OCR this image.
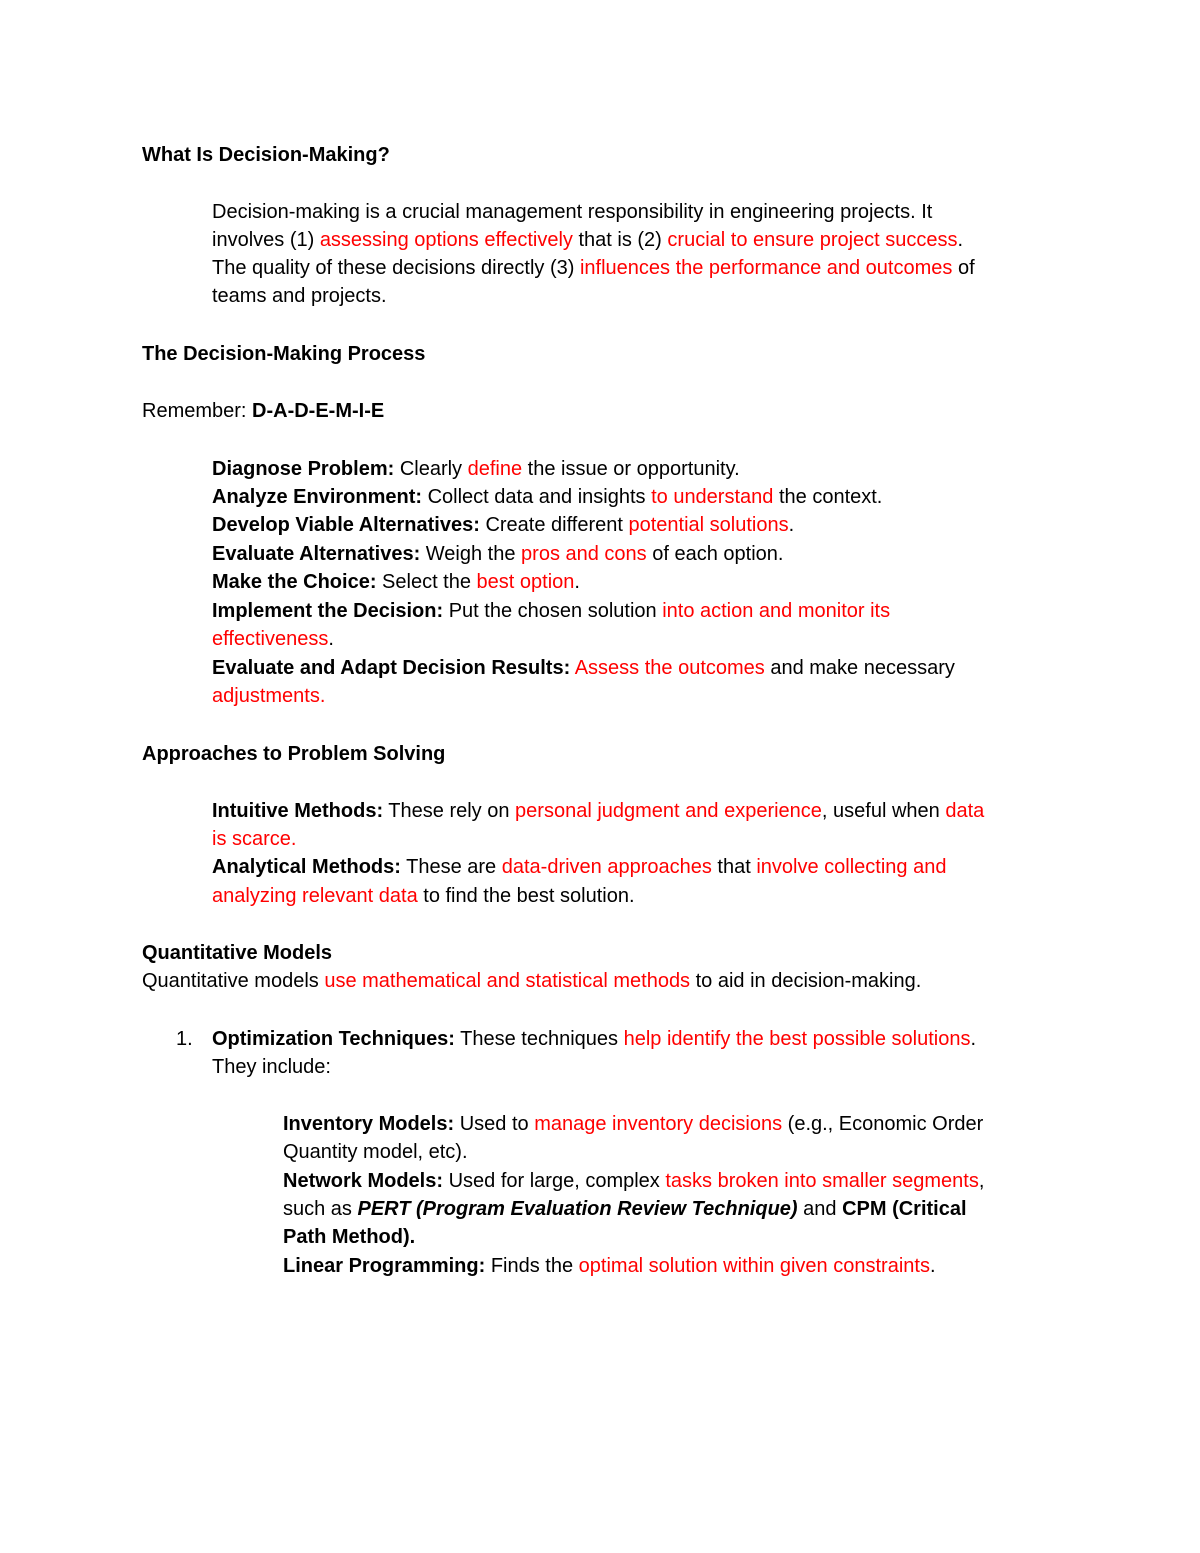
What Is Decision-Making?
Decision-making is a crucial management responsibility in engineering projects. It
involves (1) assessing options effectively that is (2) crucial to ensure project success.
The quality of these decisions directly (3) influences the performance and outcomes of
teams and projects.
The Decision-Making Process
Remember: D-A-D-E-M-I-E
Diagnose Problem: Clearly define the issue or opportunity.
Analyze Environment: Collect data and insights to understand the context.
Develop Viable Alternatives: Create different potential solutions.
Evaluate Alternatives: Weigh the pros and cons of each option.
Make the Choice: Select the best option.
Implement the Decision: Put the chosen solution into action and monitor its
effectiveness.
Evaluate and Adapt Decision Results: Assess the outcomes and make necessary
adjustments.
Approaches to Problem Solving
Intuitive Methods: These rely on personal judgment and experience, useful when data
is scarce.
Analytical Methods: These are data-driven approaches that involve collecting and
analyzing relevant data to find the best solution.
Quantitative Models
Quantitative models use mathematical and statistical methods to aid in decision-making.
1. Optimization Techniques: These techniques help identify the best possible solutions.
They include:
Inventory Models: Used to manage inventory decisions (e.g., Economic Order
Quantity model, etc).
Network Models: Used for large, complex tasks broken into smaller segments,
such as PERT (Program Evaluation Review Technique) and CPM (Critical
Path Method).
Linear Programming: Finds the optimal solution within given constraints.
